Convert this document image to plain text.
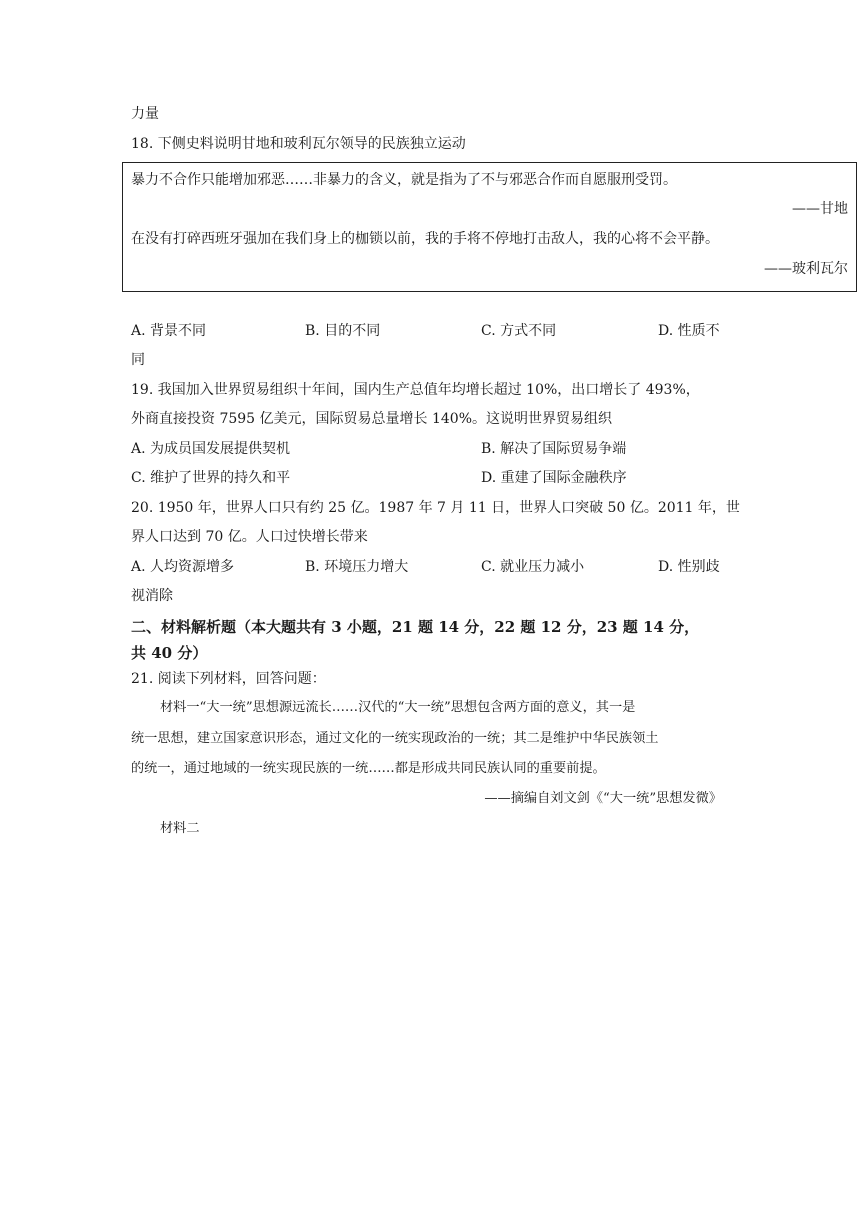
力量
18. 下侧史料说明甘地和玻利瓦尔领导的民族独立运动
暴力不合作只能增加邪恶……非暴力的含义，就是指为了不与邪恶合作而自愿服刑受罚。
——甘地
在没有打碎西班牙强加在我们身上的枷锁以前，我的手将不停地打击敌人，我的心将不会平静。
——玻利瓦尔
A. 背景不同	B. 目的不同	C. 方式不同	D. 性质不
同
19. 我国加入世界贸易组织十年间，国内生产总值年均增长超过 10%，出口增长了 493%，
外商直接投资 7595 亿美元，国际贸易总量增长 140%。这说明世界贸易组织
A. 为成员国发展提供契机	B. 解决了国际贸易争端
C. 维护了世界的持久和平	D. 重建了国际金融秩序
20. 1950 年，世界人口只有约 25 亿。1987 年 7 月 11 日，世界人口突破 50 亿。2011 年，世
界人口达到 70 亿。人口过快增长带来
A. 人均资源增多	B. 环境压力增大	C. 就业压力减小	D. 性别歧
视消除
二、材料解析题（本大题共有 3 小题，21 题 14 分，22 题 12 分，23 题 14 分，
共 40 分）
21. 阅读下列材料，回答问题：
材料一“大一统”思想源远流长……汉代的“大一统”思想包含两方面的意义，其一是
统一思想，建立国家意识形态，通过文化的一统实现政治的一统；其二是维护中华民族领土
的统一，通过地域的一统实现民族的一统……都是形成共同民族认同的重要前提。
——摘编自刘文剑《“大一统”思想发微》
材料二
